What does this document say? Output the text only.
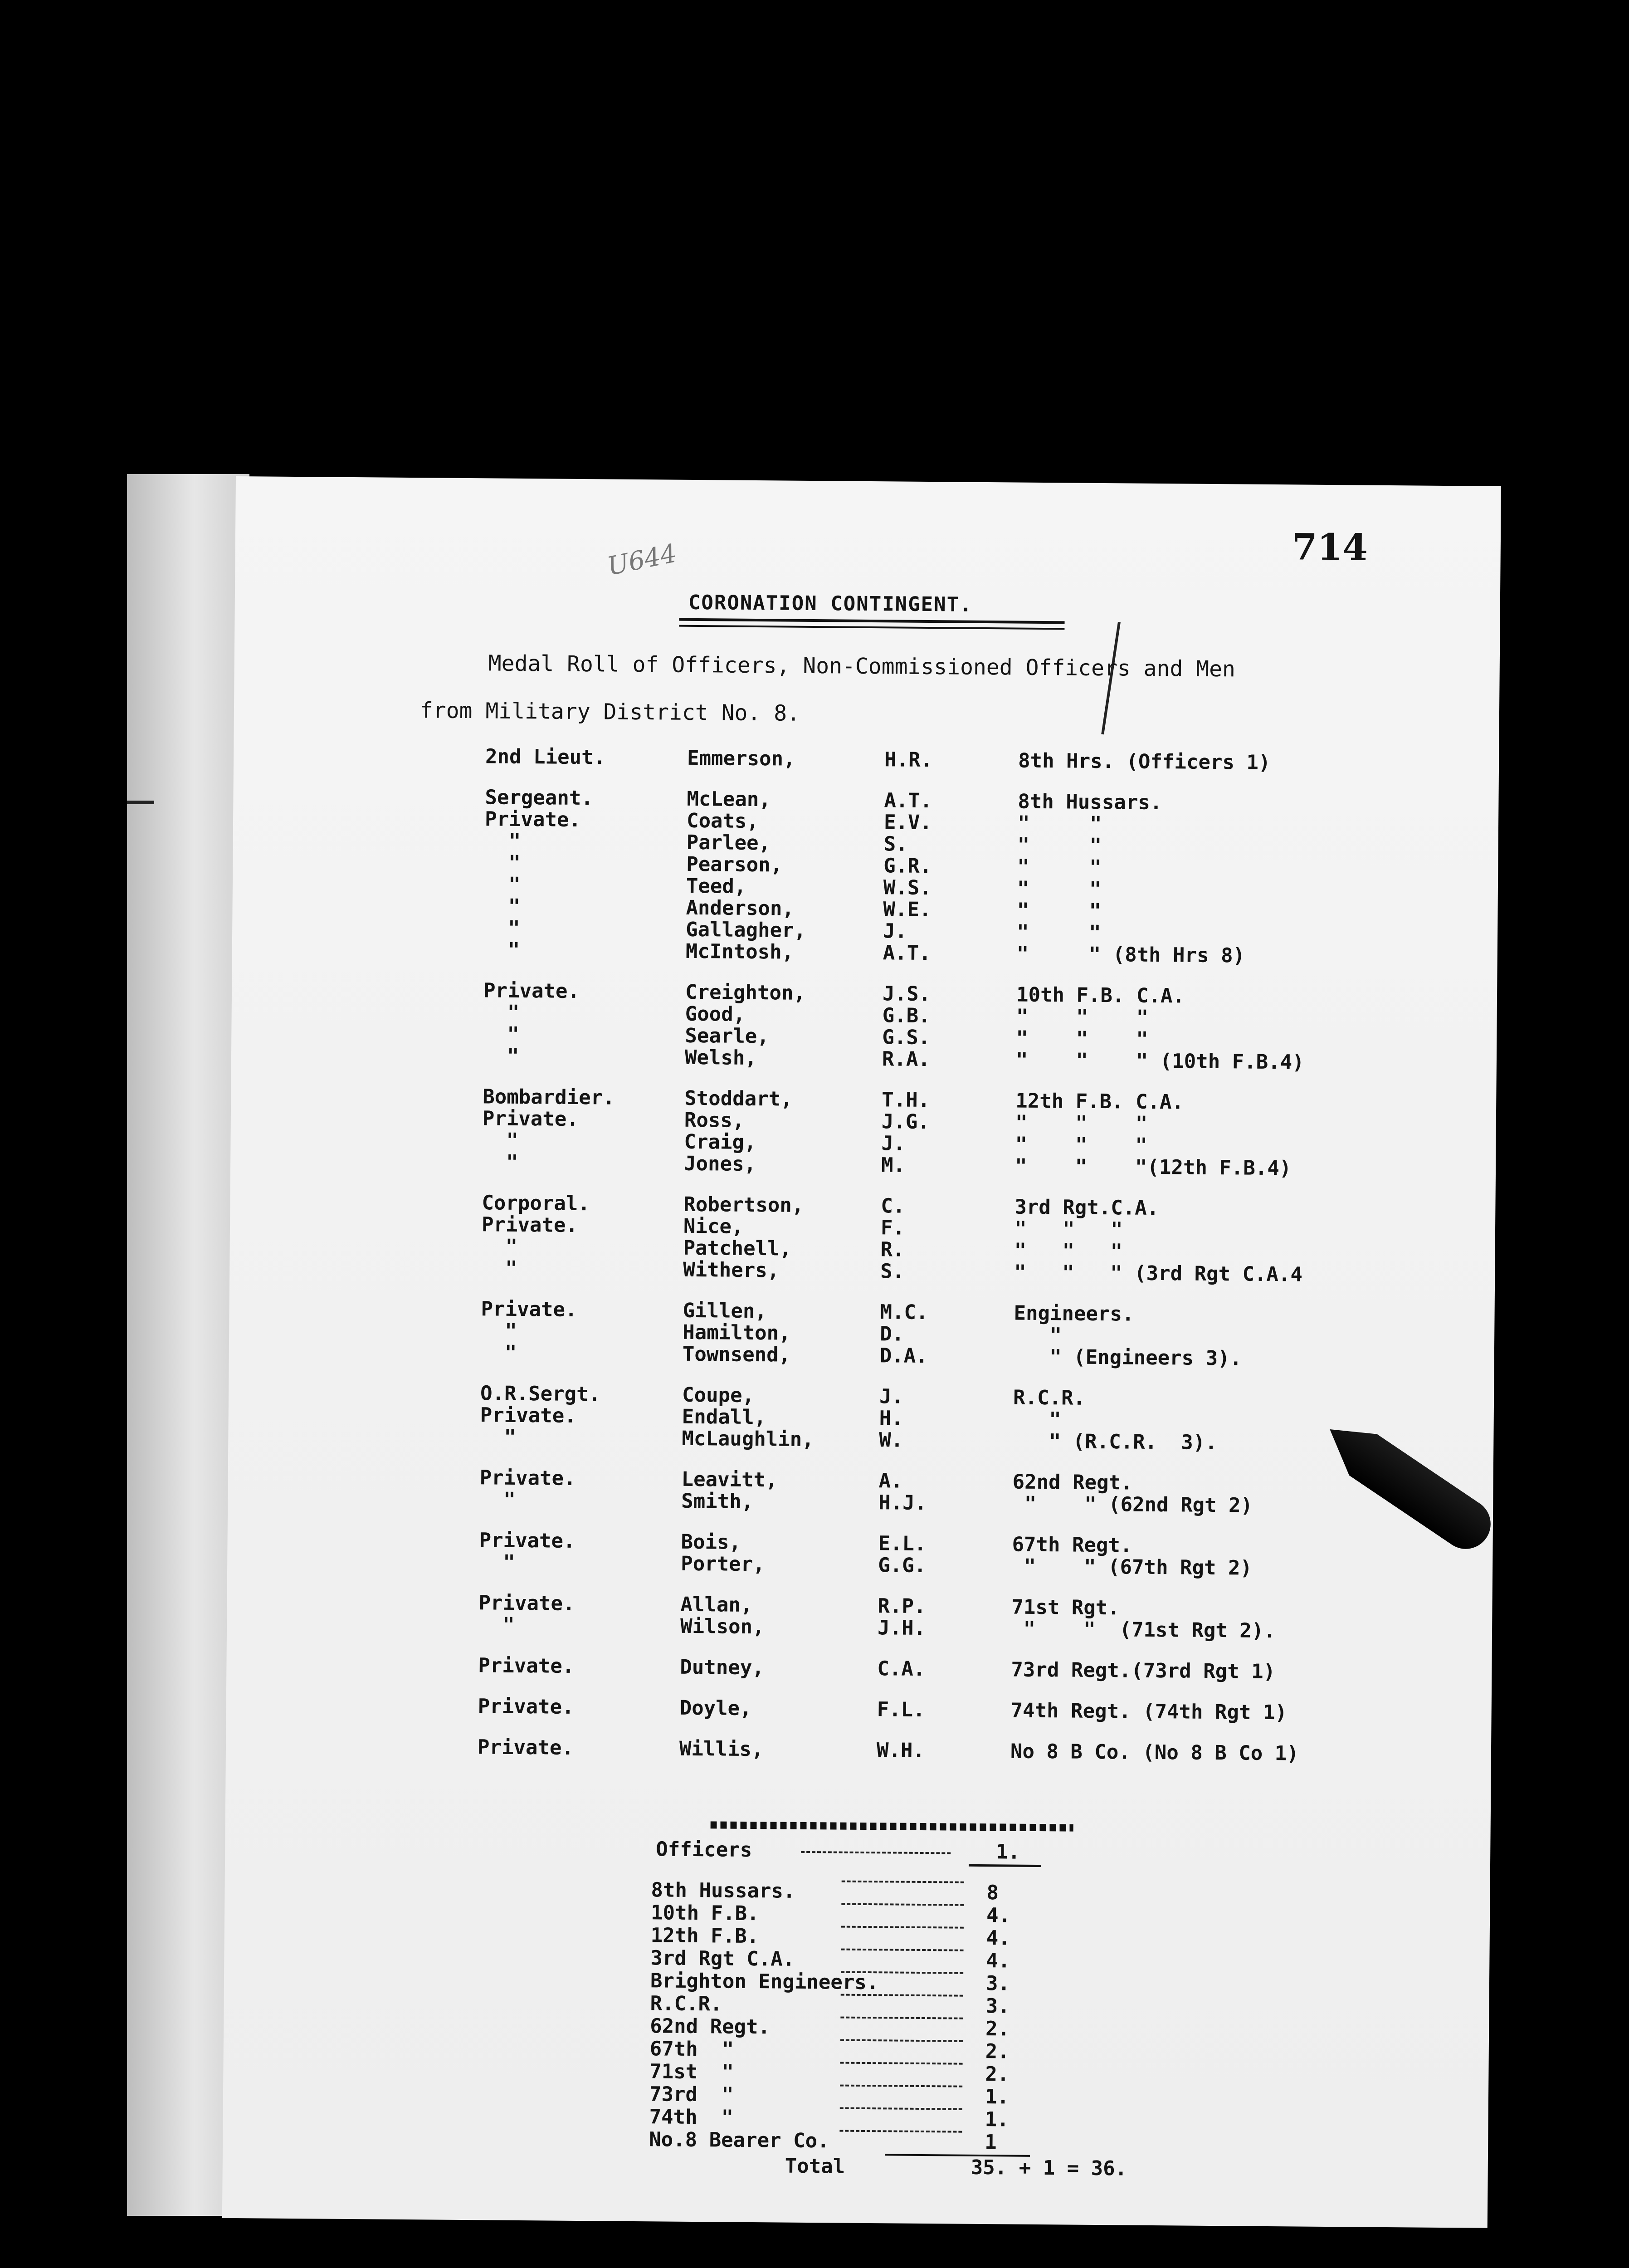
U644	714
CORONATION CONTINGENT.
Medal Roll of Officers, Non-Commissioned Officers and Men
from Military District No. 8.
2nd Lieut.	Emmerson,	H.R.	8th Hrs. (Officers 1)
Sergeant.	McLean,	A.T.	8th Hussars.
Private.	Coats,	E.V.	"     "
"	Parlee,	S.	"     "
"	Pearson,	G.R.	"     "
"	Teed,	W.S.	"     "
"	Anderson,	W.E.	"     "
"	Gallagher,	J.	"     "
"	McIntosh,	A.T.	"     " (8th Hrs 8)
Private.	Creighton,	J.S.	10th F.B. C.A.
"	Good,	G.B.	"    "    "
"	Searle,	G.S.	"    "    "
"	Welsh,	R.A.	"    "    " (10th F.B.4)
Bombardier.	Stoddart,	T.H.	12th F.B. C.A.
Private.	Ross,	J.G.	"    "    "
"	Craig,	J.	"    "    "
"	Jones,	M.	"    "    "(12th F.B.4)
Corporal.	Robertson,	C.	3rd Rgt.C.A.
Private.	Nice,	F.	"   "   "
"	Patchell,	R.	"   "   "
"	Withers,	S.	"   "   " (3rd Rgt C.A.4
Private.	Gillen,	M.C.	Engineers.
"	Hamilton,	D.	"
"	Townsend,	D.A.	" (Engineers 3).
O.R.Sergt.	Coupe,	J.	R.C.R.
Private.	Endall,	H.	"
"	McLaughlin,	W.	" (R.C.R.  3).
Private.	Leavitt,	A.	62nd Regt.
"	Smith,	H.J.	"    " (62nd Rgt 2)
Private.	Bois,	E.L.	67th Regt.
"	Porter,	G.G.	"    " (67th Rgt 2)
Private.	Allan,	R.P.	71st Rgt.
"	Wilson,	J.H.	"    "  (71st Rgt 2).
Private.	Dutney,	C.A.	73rd Regt.(73rd Rgt 1)
Private.	Doyle,	F.L.	74th Regt. (74th Rgt 1)
Private.	Willis,	W.H.	No 8 B Co. (No 8 B Co 1)

Officers

	1.

8th Hussars.	8
10th F.B.	4.
12th F.B.	4.
3rd Rgt C.A.	4.
Brighton Engineers.	3.
R.C.R.	3.
62nd Regt.	2.
67th  "	2.
71st  "	2.
73rd  "	1.
74th  "	1.
No.8 Bearer Co.	1

Total

	35. + 1 = 36.
